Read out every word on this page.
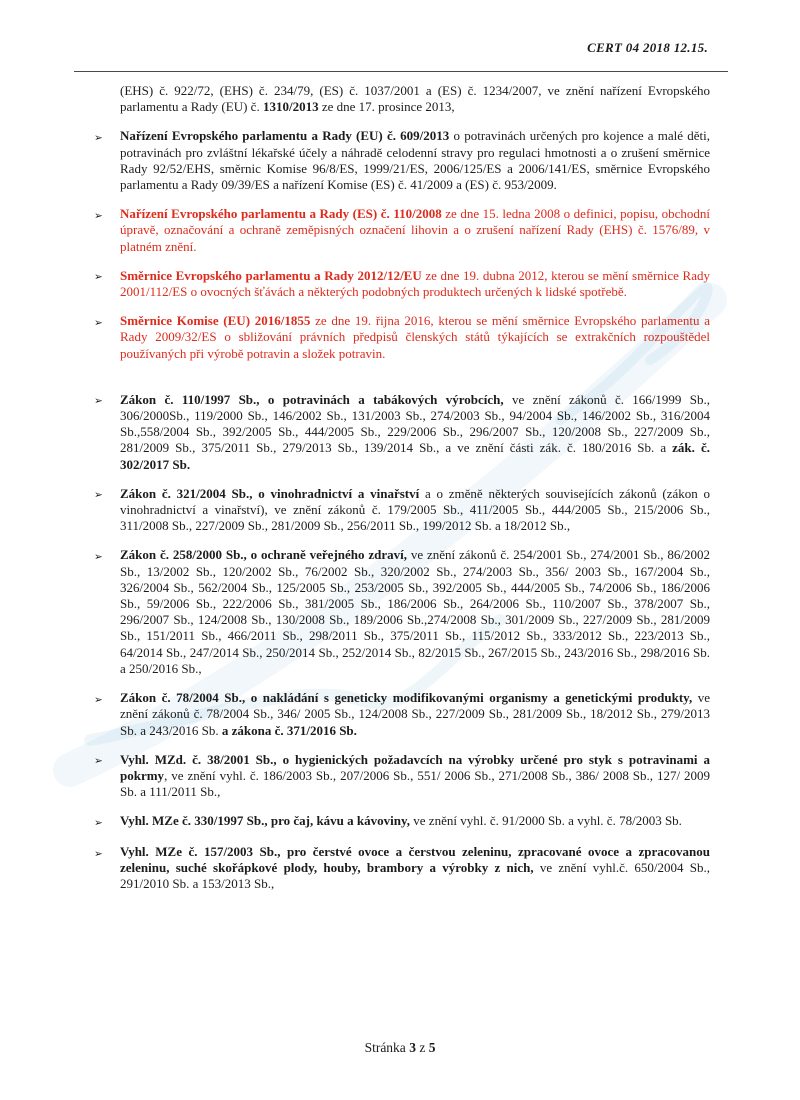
CERT 04 2018 12.15.

(EHS) č. 922/72, (EHS) č. 234/79, (ES) č. 1037/2001 a (ES) č. 1234/2007, ve znění nařízení Evropského parlamentu a Rady (EU) č. 1310/2013 ze dne 17. prosince 2013,

➢	Nařízení Evropského parlamentu a Rady (EU) č. 609/2013 o potravinách určených pro kojence a malé děti, potravinách pro zvláštní lékařské účely a náhradě celodenní stravy pro regulaci hmotnosti a o zrušení směrnice Rady 92/52/EHS, směrnic Komise 96/8/ES, 1999/21/ES, 2006/125/ES a 2006/141/ES, směrnice Evropského parlamentu a Rady 09/39/ES a nařízení Komise (ES) č. 41/2009 a (ES) č. 953/2009.

➢	Nařízení Evropského parlamentu a Rady (ES) č. 110/2008 ze dne 15. ledna 2008 o definici, popisu, obchodní úpravě, označování a ochraně zeměpisných označení lihovin a o zrušení nařízení Rady (EHS) č. 1576/89, v platném znění.

➢	Směrnice Evropského parlamentu a Rady 2012/12/EU ze dne 19. dubna 2012, kterou se mění směrnice Rady 2001/112/ES o ovocných šťávách a některých podobných produktech určených k lidské spotřebě.

➢	Směrnice Komise (EU) 2016/1855 ze dne 19. řijna 2016, kterou se mění směrnice Evropského parlamentu a Rady 2009/32/ES o sbližování právních předpisů členských států týkajících se extrakčních rozpouštědel používaných při výrobě potravin a složek potravin.

➢	Zákon č. 110/1997 Sb., o potravinách a tabákových výrobcích, ve znění zákonů č. 166/1999 Sb., 306/2000Sb., 119/2000 Sb., 146/2002 Sb., 131/2003 Sb., 274/2003 Sb., 94/2004 Sb., 146/2002 Sb., 316/2004 Sb.,558/2004 Sb., 392/2005 Sb., 444/2005 Sb., 229/2006 Sb., 296/2007 Sb., 120/2008 Sb., 227/2009 Sb., 281/2009 Sb., 375/2011 Sb., 279/2013 Sb., 139/2014 Sb., a ve znění části zák. č. 180/2016 Sb. a zák. č. 302/2017 Sb.

➢	Zákon č. 321/2004 Sb., o vinohradnictví a vinařství a o změně některých souvisejících zákonů (zákon o vinohradnictví a vinařství), ve znění zákonů č. 179/2005 Sb., 411/2005 Sb., 444/2005 Sb., 215/2006 Sb., 311/2008 Sb., 227/2009 Sb., 281/2009 Sb., 256/2011 Sb., 199/2012 Sb. a 18/2012 Sb.,

➢	Zákon č. 258/2000 Sb., o ochraně veřejného zdraví, ve znění zákonů č. 254/2001 Sb., 274/2001 Sb., 86/2002 Sb., 13/2002 Sb., 120/2002 Sb., 76/2002 Sb., 320/2002 Sb., 274/2003 Sb., 356/ 2003 Sb., 167/2004 Sb., 326/2004 Sb., 562/2004 Sb., 125/2005 Sb., 253/2005 Sb., 392/2005 Sb., 444/2005 Sb., 74/2006 Sb., 186/2006 Sb., 59/2006 Sb., 222/2006 Sb., 381/2005 Sb., 186/2006 Sb., 264/2006 Sb., 110/2007 Sb., 378/2007 Sb., 296/2007 Sb., 124/2008 Sb., 130/2008 Sb., 189/2006 Sb.,274/2008 Sb., 301/2009 Sb., 227/2009 Sb., 281/2009 Sb., 151/2011 Sb., 466/2011 Sb., 298/2011 Sb., 375/2011 Sb., 115/2012 Sb., 333/2012 Sb., 223/2013 Sb., 64/2014 Sb., 247/2014 Sb., 250/2014 Sb., 252/2014 Sb., 82/2015 Sb., 267/2015 Sb., 243/2016 Sb., 298/2016 Sb. a 250/2016 Sb.,

➢	Zákon č. 78/2004 Sb., o nakládání s geneticky modifikovanými organismy a genetickými produkty, ve znění zákonů č. 78/2004 Sb., 346/ 2005 Sb., 124/2008 Sb., 227/2009 Sb., 281/2009 Sb., 18/2012 Sb., 279/2013 Sb. a 243/2016 Sb. a zákona č. 371/2016 Sb.

➢	Vyhl. MZd. č. 38/2001 Sb., o hygienických požadavcích na výrobky určené pro styk s potravinami a pokrmy, ve znění vyhl. č. 186/2003 Sb., 207/2006 Sb., 551/ 2006 Sb., 271/2008 Sb., 386/ 2008 Sb., 127/ 2009 Sb. a 111/2011 Sb.,

➢	Vyhl. MZe č. 330/1997 Sb., pro čaj, kávu a kávoviny, ve znění vyhl. č. 91/2000 Sb. a vyhl. č. 78/2003 Sb.

➢	Vyhl. MZe č. 157/2003 Sb., pro čerstvé ovoce a čerstvou zeleninu, zpracované ovoce a zpracovanou zeleninu, suché skořápkové plody, houby, brambory a výrobky z nich, ve znění vyhl.č. 650/2004 Sb., 291/2010 Sb. a 153/2013 Sb.,

Stránka 3 z 5
